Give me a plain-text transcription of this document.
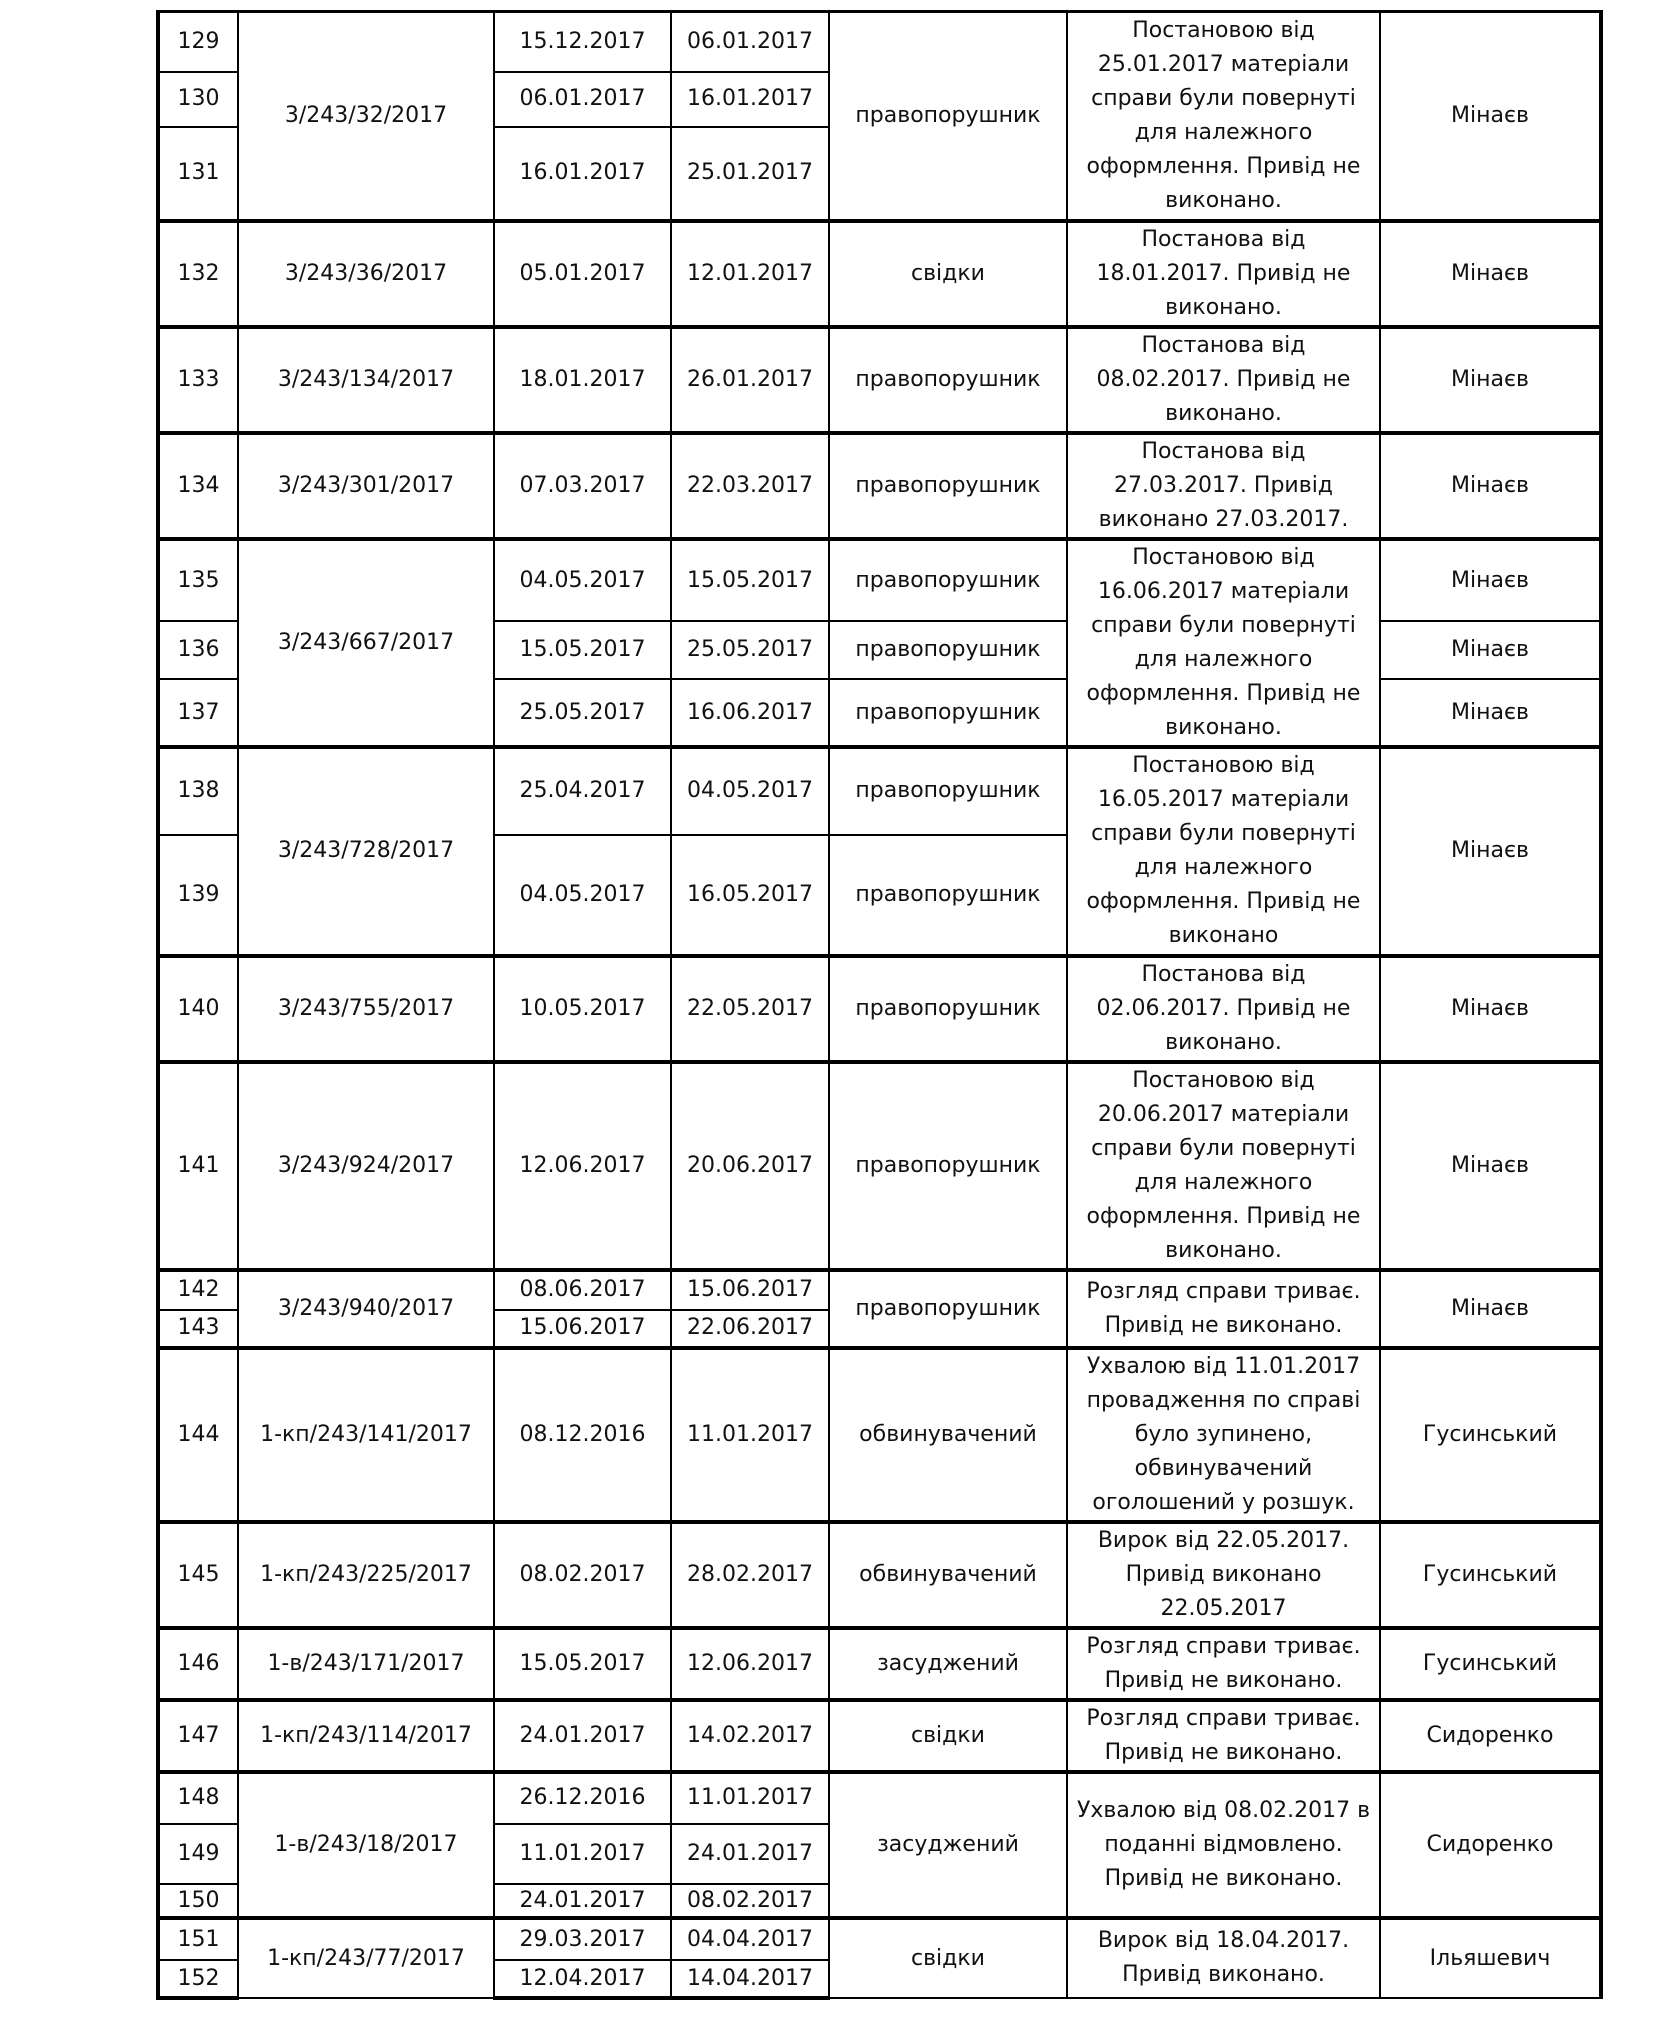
129	3/243/32/2017	15.12.2017	06.01.2017	правопорушник	Постановою від 25.01.2017 матеріали справи були повернуті для належного оформлення. Привід не виконано.	Мінаєв
130		06.01.2017	16.01.2017			
131		16.01.2017	25.01.2017			
132	3/243/36/2017	05.01.2017	12.01.2017	свідки	Постанова від 18.01.2017. Привід не виконано.	Мінаєв
133	3/243/134/2017	18.01.2017	26.01.2017	правопорушник	Постанова від 08.02.2017. Привід не виконано.	Мінаєв
134	3/243/301/2017	07.03.2017	22.03.2017	правопорушник	Постанова від 27.03.2017. Привід виконано 27.03.2017.	Мінаєв
135	3/243/667/2017	04.05.2017	15.05.2017	правопорушник	Постановою від 16.06.2017 матеріали справи були повернуті для належного оформлення. Привід не виконано.	Мінаєв
136		15.05.2017	25.05.2017	правопорушник		Мінаєв
137		25.05.2017	16.06.2017	правопорушник		Мінаєв
138	3/243/728/2017	25.04.2017	04.05.2017	правопорушник	Постановою від 16.05.2017 матеріали справи були повернуті для належного оформлення. Привід не виконано	Мінаєв
139		04.05.2017	16.05.2017	правопорушник		
140	3/243/755/2017	10.05.2017	22.05.2017	правопорушник	Постанова від 02.06.2017. Привід не виконано.	Мінаєв
141	3/243/924/2017	12.06.2017	20.06.2017	правопорушник	Постановою від 20.06.2017 матеріали справи були повернуті для належного оформлення. Привід не виконано.	Мінаєв
142	3/243/940/2017	08.06.2017	15.06.2017	правопорушник	Розгляд справи триває. Привід не виконано.	Мінаєв
143		15.06.2017	22.06.2017			
144	1-кп/243/141/2017	08.12.2016	11.01.2017	обвинувачений	Ухвалою від 11.01.2017 провадження по справі було зупинено, обвинувачений оголошений у розшук.	Гусинський
145	1-кп/243/225/2017	08.02.2017	28.02.2017	обвинувачений	Вирок від 22.05.2017. Привід виконано 22.05.2017	Гусинський
146	1-в/243/171/2017	15.05.2017	12.06.2017	засуджений	Розгляд справи триває. Привід не виконано.	Гусинський
147	1-кп/243/114/2017	24.01.2017	14.02.2017	свідки	Розгляд справи триває. Привід не виконано.	Сидоренко
148	1-в/243/18/2017	26.12.2016	11.01.2017	засуджений	Ухвалою від 08.02.2017 в поданні відмовлено. Привід не виконано.	Сидоренко
149		11.01.2017	24.01.2017			
150		24.01.2017	08.02.2017			
151	1-кп/243/77/2017	29.03.2017	04.04.2017	свідки	Вирок від 18.04.2017. Привід виконано.	Ільяшевич
152		12.04.2017	14.04.2017			
